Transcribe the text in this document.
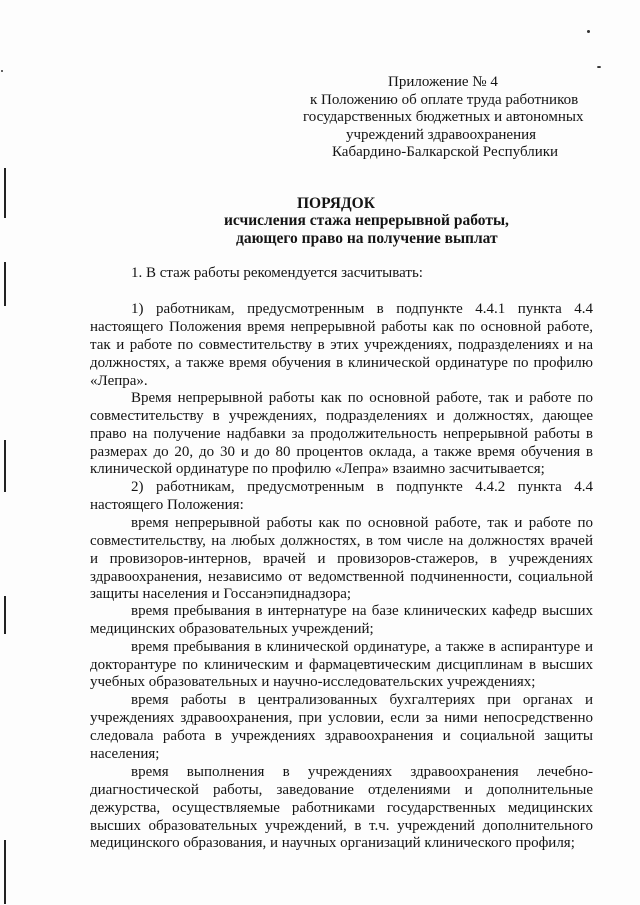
Приложение № 4
к Положению об оплате труда работников
государственных бюджетных и автономных
учреждений здравоохранения
Кабардино-Балкарской Республики
ПОРЯДОК
исчисления стажа непрерывной работы,
дающего право на получение выплат
1. В стаж работы рекомендуется засчитывать:
1) работникам, предусмотренным в подпункте 4.4.1 пункта 4.4
настоящего Положения время непрерывной работы как по основной работе,
так и работе по совместительству в этих учреждениях, подразделениях и на
должностях, а также время обучения в клинической ординатуре по профилю
«Лепра».
Время непрерывной работы как по основной работе, так и работе по
совместительству в учреждениях, подразделениях и должностях, дающее
право на получение надбавки за продолжительность непрерывной работы в
размерах до 20, до 30 и до 80 процентов оклада, а также время обучения в
клинической ординатуре по профилю «Лепра» взаимно засчитывается;
2) работникам, предусмотренным в подпункте 4.4.2 пункта 4.4
настоящего Положения:
время непрерывной работы как по основной работе, так и работе по
совместительству, на любых должностях, в том числе на должностях врачей
и провизоров-интернов, врачей и провизоров-стажеров, в учреждениях
здравоохранения, независимо от ведомственной подчиненности, социальной
защиты населения и Госсанэпиднадзора;
время пребывания в интернатуре на базе клинических кафедр высших
медицинских образовательных учреждений;
время пребывания в клинической ординатуре, а также в аспирантуре и
докторантуре по клиническим и фармацевтическим дисциплинам в высших
учебных образовательных и научно-исследовательских учреждениях;
время работы в централизованных бухгалтериях при органах и
учреждениях здравоохранения, при условии, если за ними непосредственно
следовала работа в учреждениях здравоохранения и социальной защиты
населения;
время выполнения в учреждениях здравоохранения лечебно-
диагностической работы, заведование отделениями и дополнительные
дежурства, осуществляемые работниками государственных медицинских
высших образовательных учреждений, в т.ч. учреждений дополнительного
медицинского образования, и научных организаций клинического профиля;
